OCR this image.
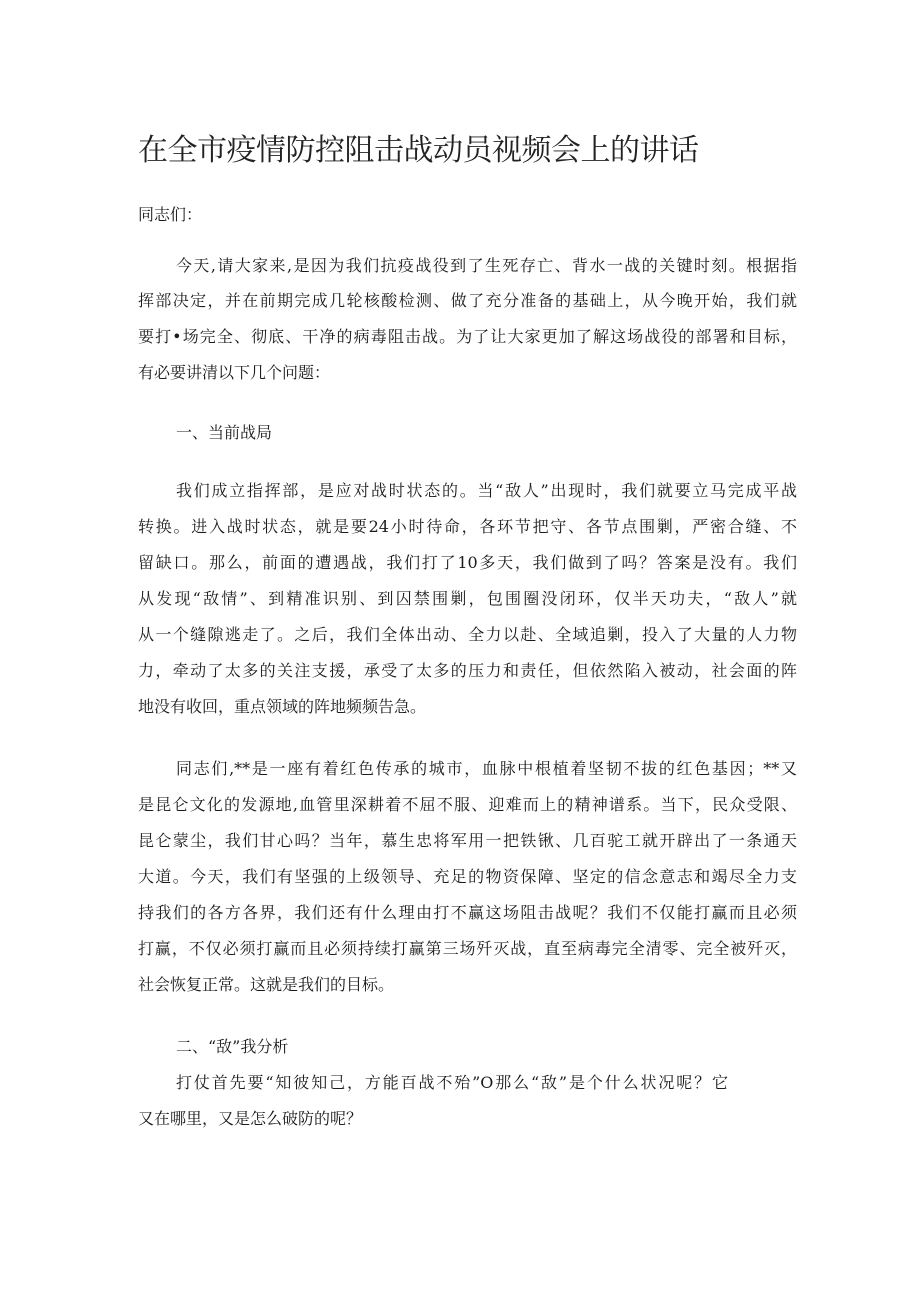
在全市疫情防控阻击战动员视频会上的讲话
同志们：
今天,请大家来,是因为我们抗疫战役到了生死存亡、背水一战的关键时刻。根据指
挥部决定，并在前期完成几轮核酸检测、做了充分准备的基础上，从今晚开始，我们就
要打•场完全、彻底、干净的病毒阻击战。为了让大家更加了解这场战役的部署和目标，
有必要讲清以下几个问题：
一、当前战局
我们成立指挥部，是应对战时状态的。当“敌人”出现时，我们就要立马完成平战
转换。进入战时状态，就是要24小时待命，各环节把守、各节点围剿，严密合缝、不
留缺口。那么，前面的遭遇战，我们打了10多天，我们做到了吗？答案是没有。我们
从发现“敌情”、到精准识别、到囚禁围剿，包围圈没闭环，仅半天功夫，“敌人”就
从一个缝隙逃走了。之后，我们全体出动、全力以赴、全域追剿，投入了大量的人力物
力，牵动了太多的关注支援，承受了太多的压力和责任，但依然陷入被动，社会面的阵
地没有收回，重点领域的阵地频频告急。
同志们,**是一座有着红色传承的城市，血脉中根植着坚韧不拔的红色基因；**又
是昆仑文化的发源地,血管里深耕着不屈不服、迎难而上的精神谱系。当下，民众受限、
昆仑蒙尘，我们甘心吗？当年，慕生忠将军用一把铁锹、几百驼工就开辟出了一条通天
大道。今天，我们有坚强的上级领导、充足的物资保障、坚定的信念意志和竭尽全力支
持我们的各方各界，我们还有什么理由打不赢这场阻击战呢？我们不仅能打赢而且必须
打赢，不仅必须打赢而且必须持续打赢第三场歼灭战，直至病毒完全清零、完全被歼灭，
社会恢复正常。这就是我们的目标。
二、“敌”我分析
打仗首先要“知彼知己，方能百战不殆”O那么“敌”是个什么状况呢？它
又在哪里，又是怎么破防的呢？
